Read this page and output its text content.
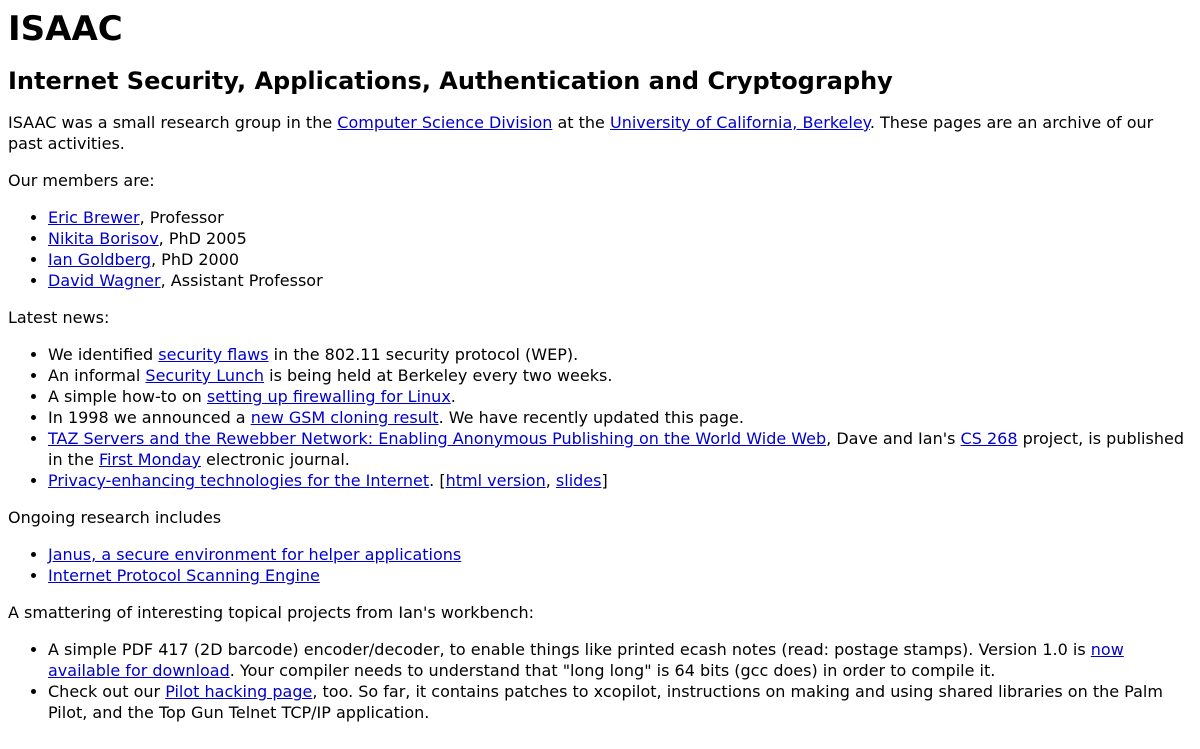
ISAAC
Internet Security, Applications, Authentication and Cryptography

ISAAC was a small research group in the Computer Science Division at the University of California, Berkeley. These pages are an archive of our past activities.

Our members are:

• Eric Brewer, Professor
• Nikita Borisov, PhD 2005
• Ian Goldberg, PhD 2000
• David Wagner, Assistant Professor

Latest news:

• We identified security flaws in the 802.11 security protocol (WEP).
• An informal Security Lunch is being held at Berkeley every two weeks.
• A simple how-to on setting up firewalling for Linux.
• In 1998 we announced a new GSM cloning result. We have recently updated this page.
• TAZ Servers and the Rewebber Network: Enabling Anonymous Publishing on the World Wide Web, Dave and Ian's CS 268 project, is published in the First Monday electronic journal.
• Privacy-enhancing technologies for the Internet. [html version, slides]

Ongoing research includes

• Janus, a secure environment for helper applications
• Internet Protocol Scanning Engine

A smattering of interesting topical projects from Ian's workbench:

• A simple PDF 417 (2D barcode) encoder/decoder, to enable things like printed ecash notes (read: postage stamps). Version 1.0 is now available for download. Your compiler needs to understand that "long long" is 64 bits (gcc does) in order to compile it.
• Check out our Pilot hacking page, too. So far, it contains patches to xcopilot, instructions on making and using shared libraries on the Palm Pilot, and the Top Gun Telnet TCP/IP application.
